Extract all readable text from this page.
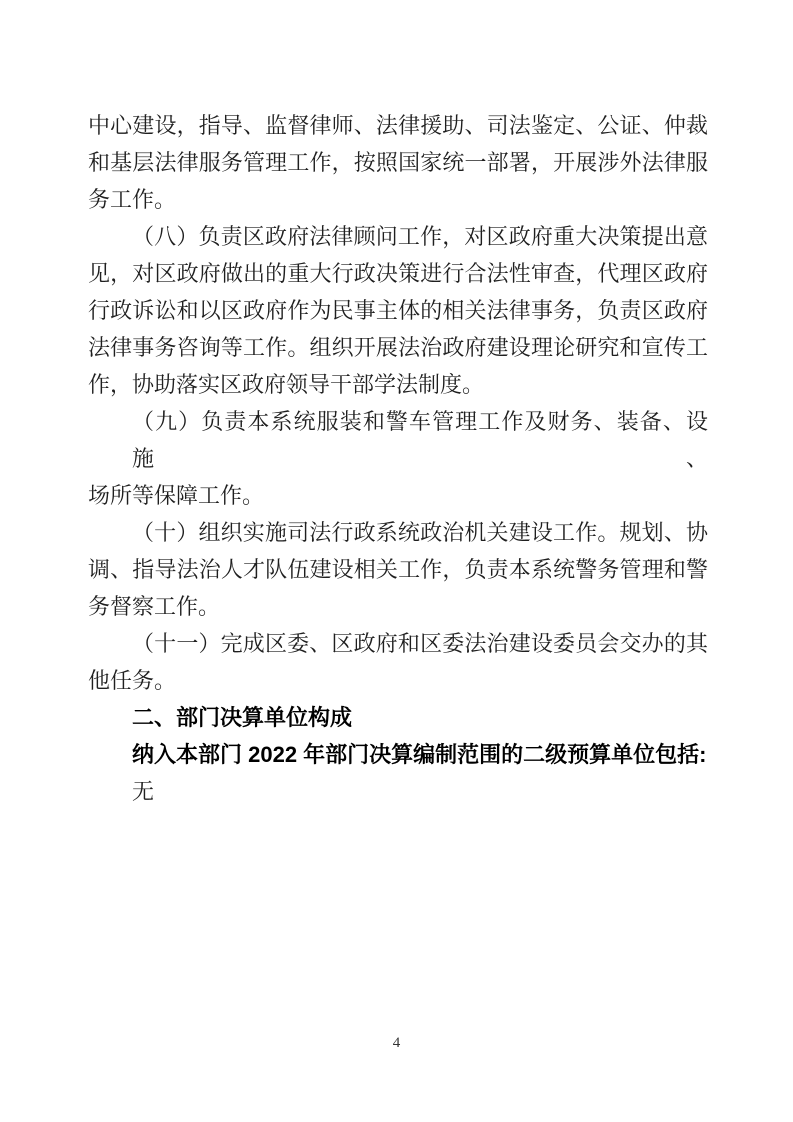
中心建设，指导、监督律师、法律援助、司法鉴定、公证、仲裁
和基层法律服务管理工作，按照国家统一部署，开展涉外法律服
务工作。
（八）负责区政府法律顾问工作，对区政府重大决策提出意
见，对区政府做出的重大行政决策进行合法性审查，代理区政府
行政诉讼和以区政府作为民事主体的相关法律事务，负责区政府
法律事务咨询等工作。组织开展法治政府建设理论研究和宣传工
作，协助落实区政府领导干部学法制度。
（九）负责本系统服装和警车管理工作及财务、装备、设施、
场所等保障工作。
（十）组织实施司法行政系统政治机关建设工作。规划、协
调、指导法治人才队伍建设相关工作，负责本系统警务管理和警
务督察工作。
（十一）完成区委、区政府和区委法治建设委员会交办的其
他任务。
二、部门决算单位构成
纳入本部门 2022 年部门决算编制范围的二级预算单位包括:
无
4
